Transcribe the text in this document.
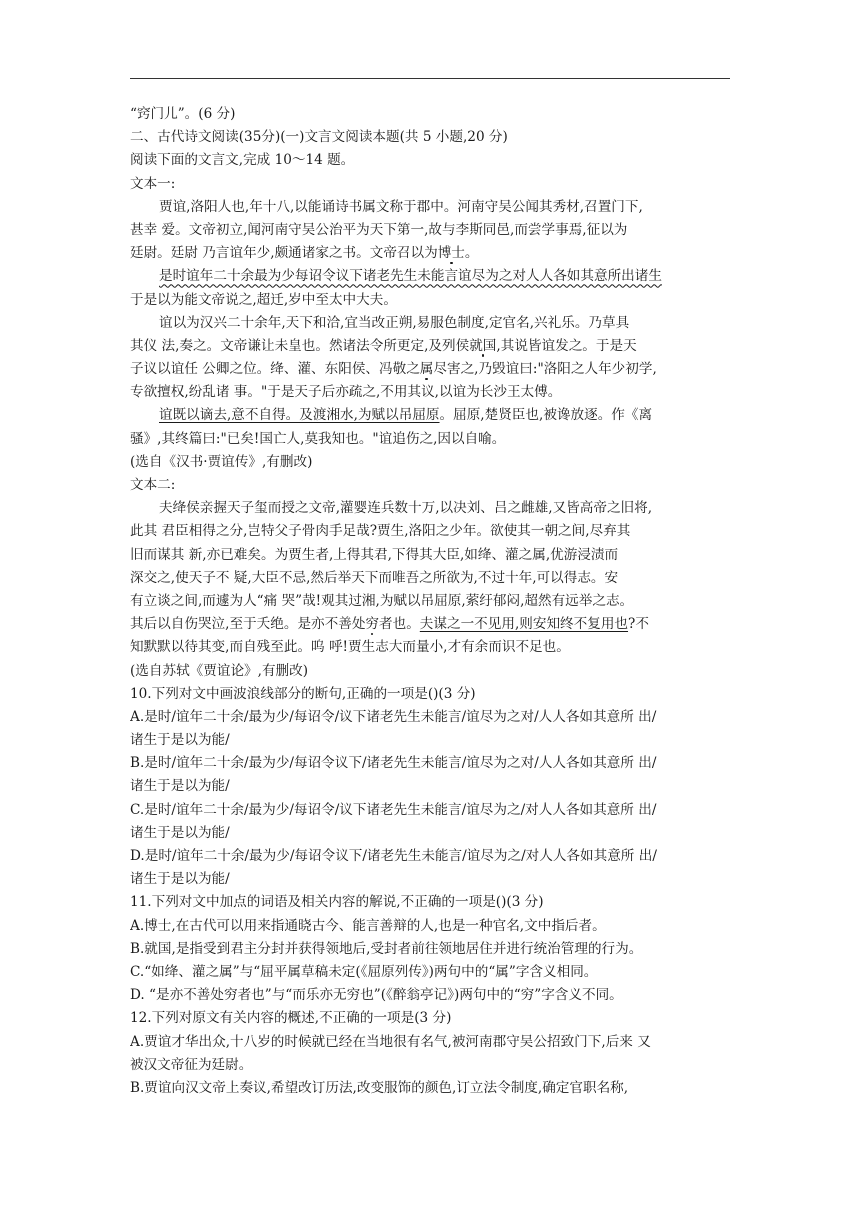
“窍门儿”。(6 分)
二、古代诗文阅读(35分)(一)文言文阅读本题(共 5 小题,20 分)
阅读下面的文言文,完成 10～14 题。
文本一:
贾谊,洛阳人也,年十八,以能诵诗书属文称于郡中。河南守吴公闻其秀材,召置门下,
甚幸 爱。文帝初立,闻河南守吴公治平为天下第一,故与李斯同邑,而尝学事焉,征以为
廷尉。廷尉 乃言谊年少,颇通诸家之书。文帝召以为博士。
是时谊年二十余最为少每诏令议下诸老先生未能言谊尽为之对人人各如其意所出诸生
于是以为能文帝说之,超迁,岁中至太中大夫。
谊以为汉兴二十余年,天下和洽,宜当改正朔,易服色制度,定官名,兴礼乐。乃草具
其仪 法,奏之。文帝谦让未皇也。然诸法令所更定,及列侯就国,其说皆谊发之。于是天
子议以谊任 公卿之位。绛、灌、东阳侯、冯敬之属尽害之,乃毁谊曰:"洛阳之人年少初学,
专欲擅权,纷乱诸 事。"于是天子后亦疏之,不用其议,以谊为长沙王太傅。
谊既以谪去,意不自得。及渡湘水,为赋以吊屈原。屈原,楚贤臣也,被谗放逐。作《离
骚》,其终篇曰:"已矣!国亡人,莫我知也。"谊追伤之,因以自喻。
(选自《汉书·贾谊传》,有删改)
文本二:
夫绛侯亲握天子玺而授之文帝,灌婴连兵数十万,以决刘、吕之雌雄,又皆高帝之旧将,
此其 君臣相得之分,岂特父子骨肉手足哉?贾生,洛阳之少年。欲使其一朝之间,尽弃其
旧而谋其 新,亦已难矣。为贾生者,上得其君,下得其大臣,如绛、灌之属,优游浸渍而
深交之,使天子不 疑,大臣不忌,然后举天下而唯吾之所欲为,不过十年,可以得志。安
有立谈之间,而遽为人“痛 哭”哉!观其过湘,为赋以吊屈原,萦纡郁闷,超然有远举之志。
其后以自伤哭泣,至于夭绝。是亦不善处穷者也。夫谋之一不见用,则安知终不复用也?不
知默默以待其变,而自残至此。呜 呼!贾生志大而量小,才有余而识不足也。
(选自苏轼《贾谊论》,有删改)
10.下列对文中画波浪线部分的断句,正确的一项是()(3 分)
A.是时/谊年二十余/最为少/每诏令/议下诸老先生未能言/谊尽为之对/人人各如其意所 出/
诸生于是以为能/
B.是时/谊年二十余/最为少/每诏令议下/诸老先生未能言/谊尽为之对/人人各如其意所 出/
诸生于是以为能/
C.是时/谊年二十余/最为少/每诏令/议下诸老先生未能言/谊尽为之/对人人各如其意所 出/
诸生于是以为能/
D.是时/谊年二十余/最为少/每诏令议下/诸老先生未能言/谊尽为之/对人人各如其意所 出/
诸生于是以为能/
11.下列对文中加点的词语及相关内容的解说,不正确的一项是()(3 分)
A.博士,在古代可以用来指通晓古今、能言善辩的人,也是一种官名,文中指后者。
B.就国,是指受到君主分封并获得领地后,受封者前往领地居住并进行统治管理的行为。
C.“如绛、灌之属”与“屈平属草稿未定(《屈原列传》)两句中的“属”字含义相同。
D. “是亦不善处穷者也”与“而乐亦无穷也”(《醉翁亭记》)两句中的“穷”字含义不同。
12.下列对原文有关内容的概述,不正确的一项是(3 分)
A.贾谊才华出众,十八岁的时候就已经在当地很有名气,被河南郡守吴公招致门下,后来 又
被汉文帝征为廷尉。
B.贾谊向汉文帝上奏议,希望改订历法,改变服饰的颜色,订立法令制度,确定官职名称,
